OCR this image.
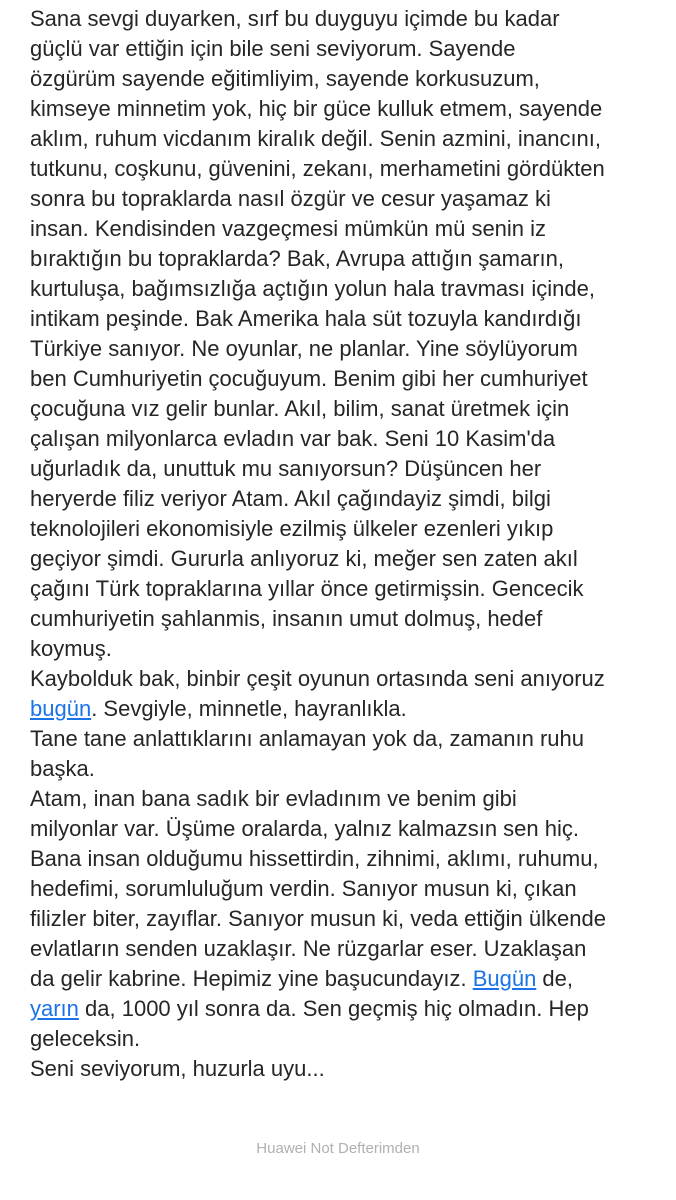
Sana sevgi duyarken, sırf bu duyguyu içimde bu kadar
güçlü var ettiğin için bile seni seviyorum. Sayende
özgürüm sayende eğitimliyim, sayende korkusuzum,
kimseye minnetim yok, hiç bir güce kulluk etmem, sayende
aklım, ruhum vicdanım kiralık değil. Senin azmini, inancını,
tutkunu, coşkunu, güvenini, zekanı, merhametini gördükten
sonra bu topraklarda nasıl özgür ve cesur yaşamaz ki
insan. Kendisinden vazgeçmesi mümkün mü senin iz
bıraktığın bu topraklarda? Bak, Avrupa attığın şamarın,
kurtuluşa, bağımsızlığa açtığın yolun hala travması içinde,
intikam peşinde. Bak Amerika hala süt tozuyla kandırdığı
Türkiye sanıyor. Ne oyunlar, ne planlar. Yine söylüyorum
ben Cumhuriyetin çocuğuyum. Benim gibi her cumhuriyet
çocuğuna vız gelir bunlar. Akıl, bilim, sanat üretmek için
çalışan milyonlarca evladın var bak. Seni 10 Kasim'da
uğurladık da, unuttuk mu sanıyorsun? Düşüncen her
heryerde filiz veriyor Atam. Akıl çağındayiz şimdi, bilgi
teknolojileri ekonomisiyle ezilmiş ülkeler ezenleri yıkıp
geçiyor şimdi. Gururla anlıyoruz ki, meğer sen zaten akıl
çağını Türk topraklarına yıllar önce getirmişsin. Gencecik
cumhuriyetin şahlanmis, insanın umut dolmuş, hedef
koymuş.
Kaybolduk bak, binbir çeşit oyunun ortasında seni anıyoruz
bugün. Sevgiyle, minnetle, hayranlıkla.
Tane tane anlattıklarını anlamayan yok da, zamanın ruhu
başka.
Atam, inan bana sadık bir evladınım ve benim gibi
milyonlar var. Üşüme oralarda, yalnız kalmazsın sen hiç.
Bana insan olduğumu hissettirdin, zihnimi, aklımı, ruhumu,
hedefimi, sorumluluğum verdin. Sanıyor musun ki, çıkan
filizler biter, zayıflar. Sanıyor musun ki, veda ettiğin ülkende
evlatların senden uzaklaşır. Ne rüzgarlar eser. Uzaklaşan
da gelir kabrine. Hepimiz yine başucundayız. Bugün de,
yarın da, 1000 yıl sonra da. Sen geçmiş hiç olmadın. Hep
geleceksin.
Seni seviyorum, huzurla uyu...
Huawei Not Defterimden
